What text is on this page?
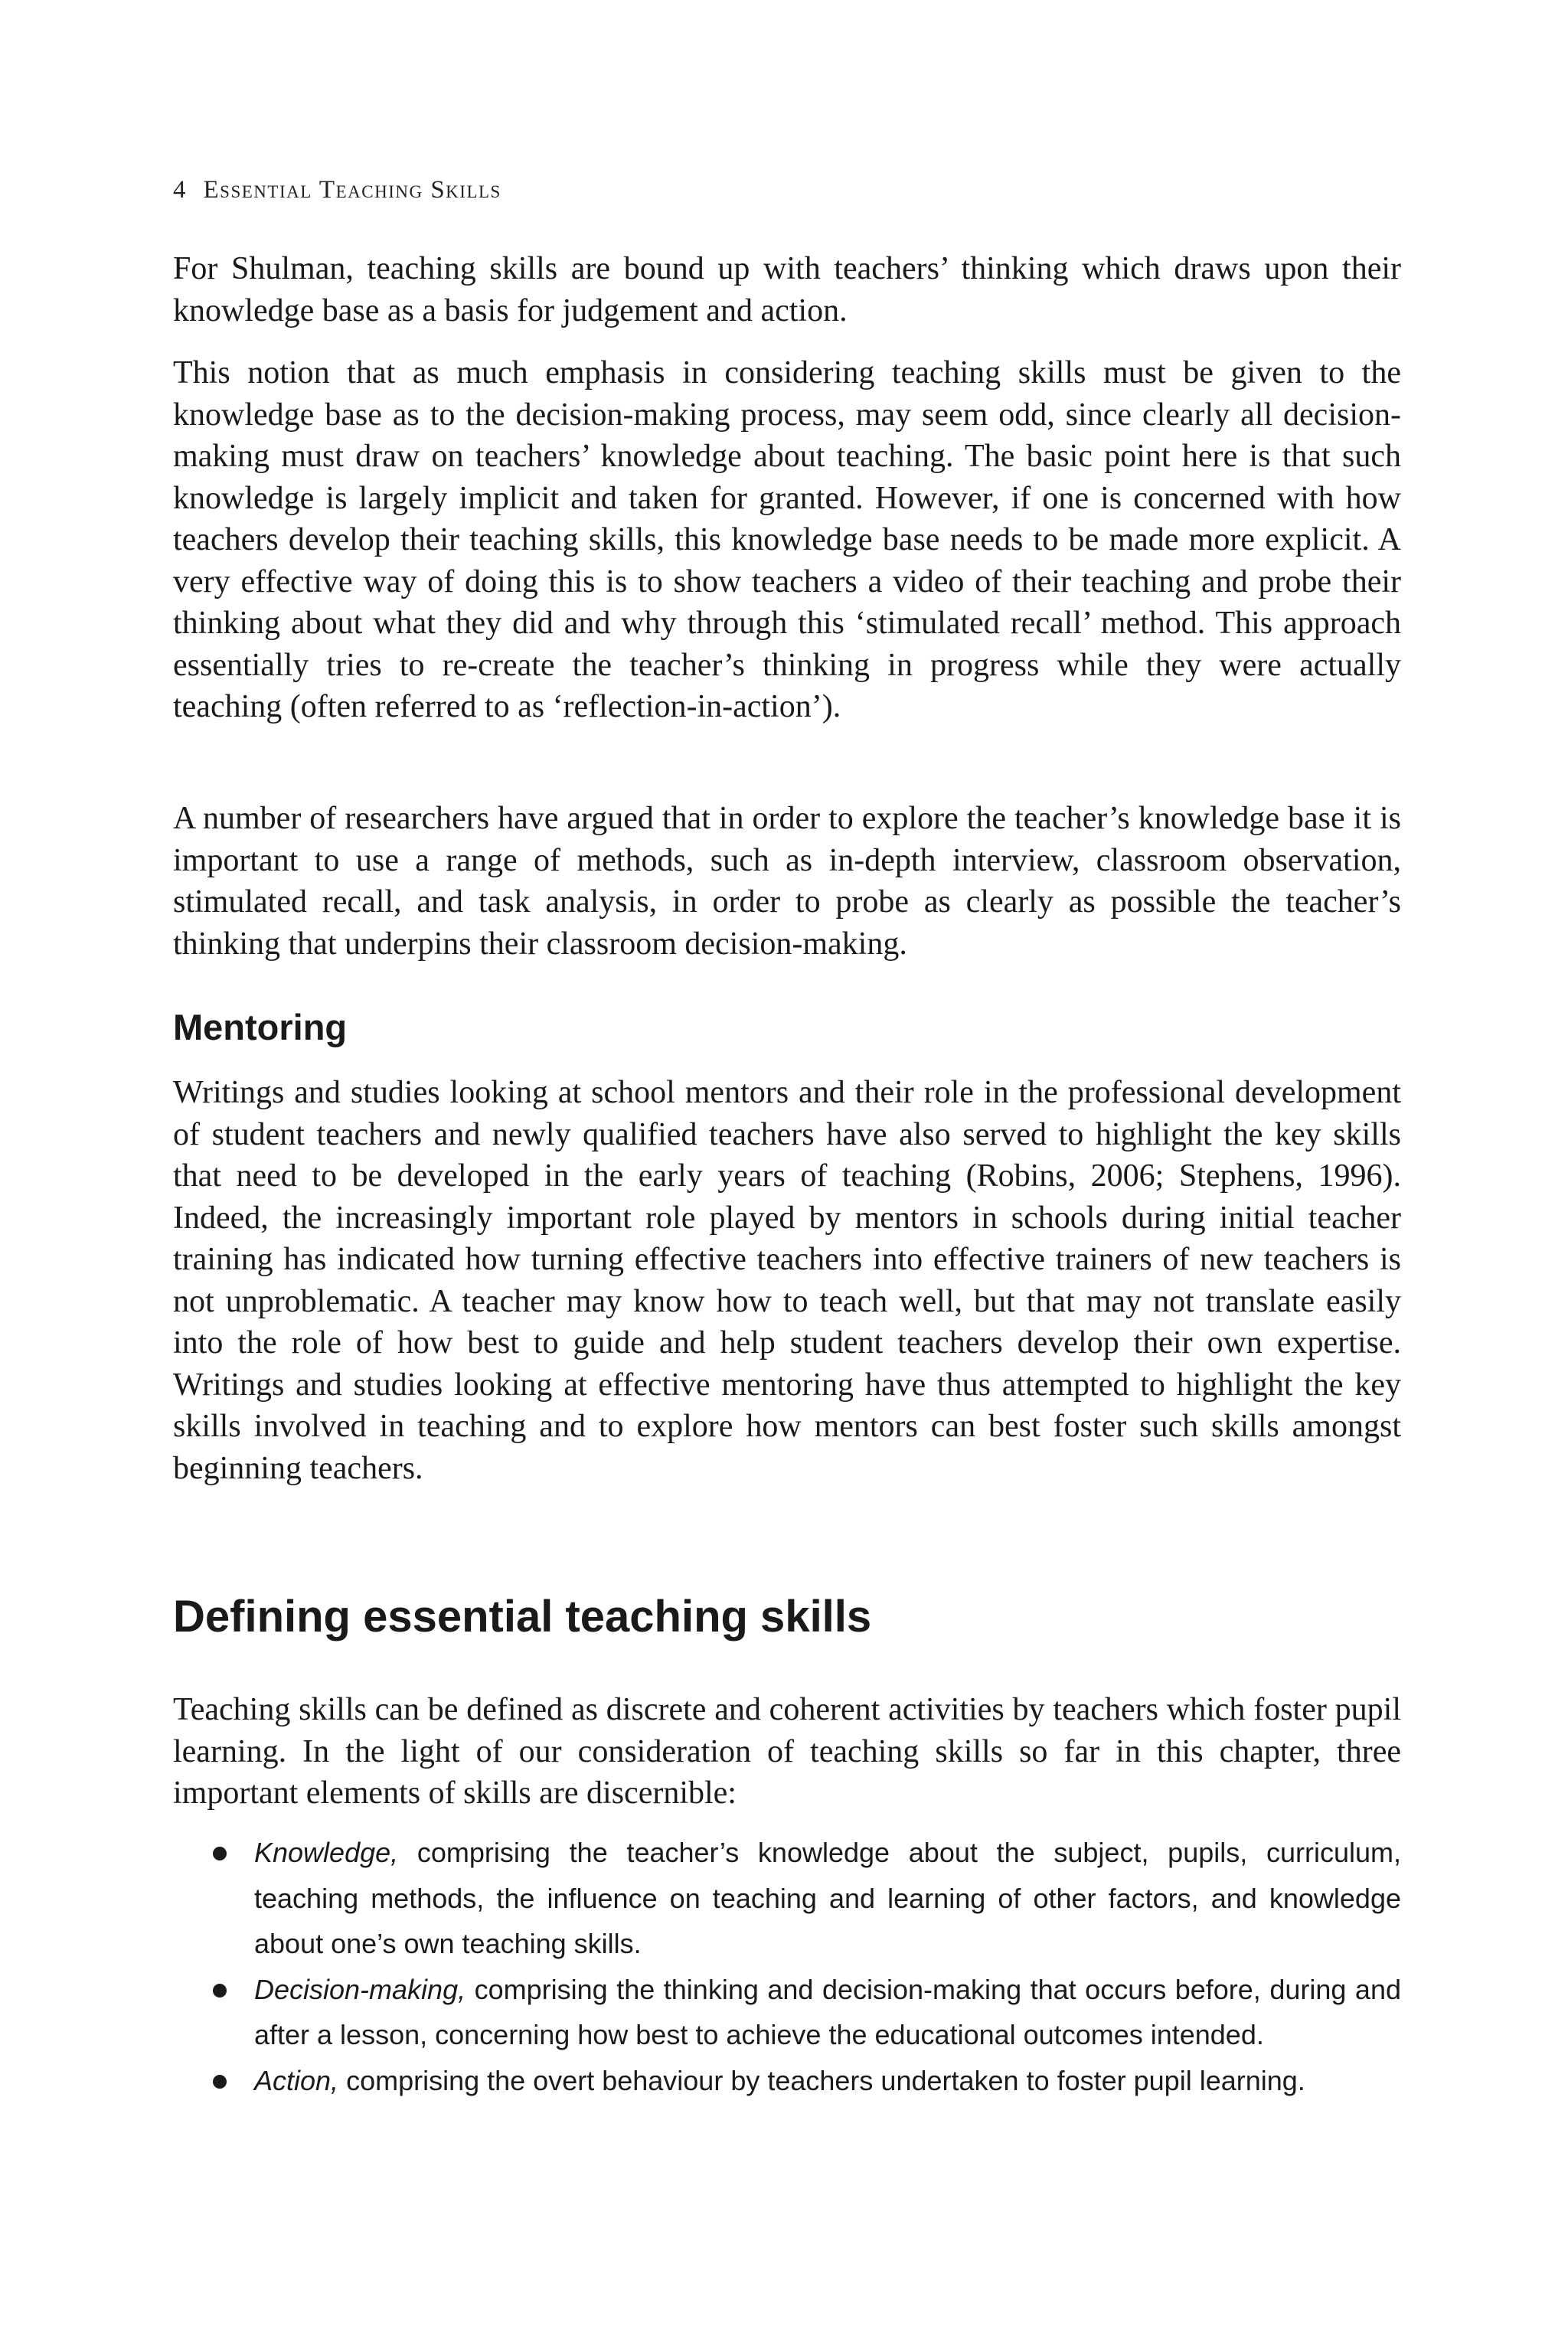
4 Essential Teaching Skills

For Shulman, teaching skills are bound up with teachers’ thinking which draws upon their knowledge base as a basis for judgement and action.

This notion that as much emphasis in considering teaching skills must be given to the knowledge base as to the decision-making process, may seem odd, since clearly all decision-making must draw on teachers’ knowledge about teaching. The basic point here is that such knowledge is largely implicit and taken for granted. However, if one is concerned with how teachers develop their teaching skills, this knowledge base needs to be made more explicit. A very effective way of doing this is to show teachers a video of their teaching and probe their thinking about what they did and why through this ‘stimulated recall’ method. This approach essentially tries to re-create the teacher’s thinking in progress while they were actually teaching (often referred to as ‘reflection-in-action’).

A number of researchers have argued that in order to explore the teacher’s knowledge base it is important to use a range of methods, such as in-depth interview, classroom observation, stimulated recall, and task analysis, in order to probe as clearly as possible the teacher’s thinking that underpins their classroom decision-making.

Mentoring

Writings and studies looking at school mentors and their role in the professional development of student teachers and newly qualified teachers have also served to highlight the key skills that need to be developed in the early years of teaching (Robins, 2006; Stephens, 1996). Indeed, the increasingly important role played by mentors in schools during initial teacher training has indicated how turning effective teachers into effective trainers of new teachers is not unproblematic. A teacher may know how to teach well, but that may not translate easily into the role of how best to guide and help student teachers develop their own expertise. Writings and studies looking at effective mentoring have thus attempted to highlight the key skills involved in teaching and to explore how mentors can best foster such skills amongst beginning teachers.

Defining essential teaching skills

Teaching skills can be defined as discrete and coherent activities by teachers which foster pupil learning. In the light of our consideration of teaching skills so far in this chapter, three important elements of skills are discernible:

Knowledge, comprising the teacher’s knowledge about the subject, pupils, curriculum, teaching methods, the influence on teaching and learning of other factors, and knowledge about one’s own teaching skills.
Decision-making, comprising the thinking and decision-making that occurs before, during and after a lesson, concerning how best to achieve the educational outcomes intended.
Action, comprising the overt behaviour by teachers undertaken to foster pupil learning.
